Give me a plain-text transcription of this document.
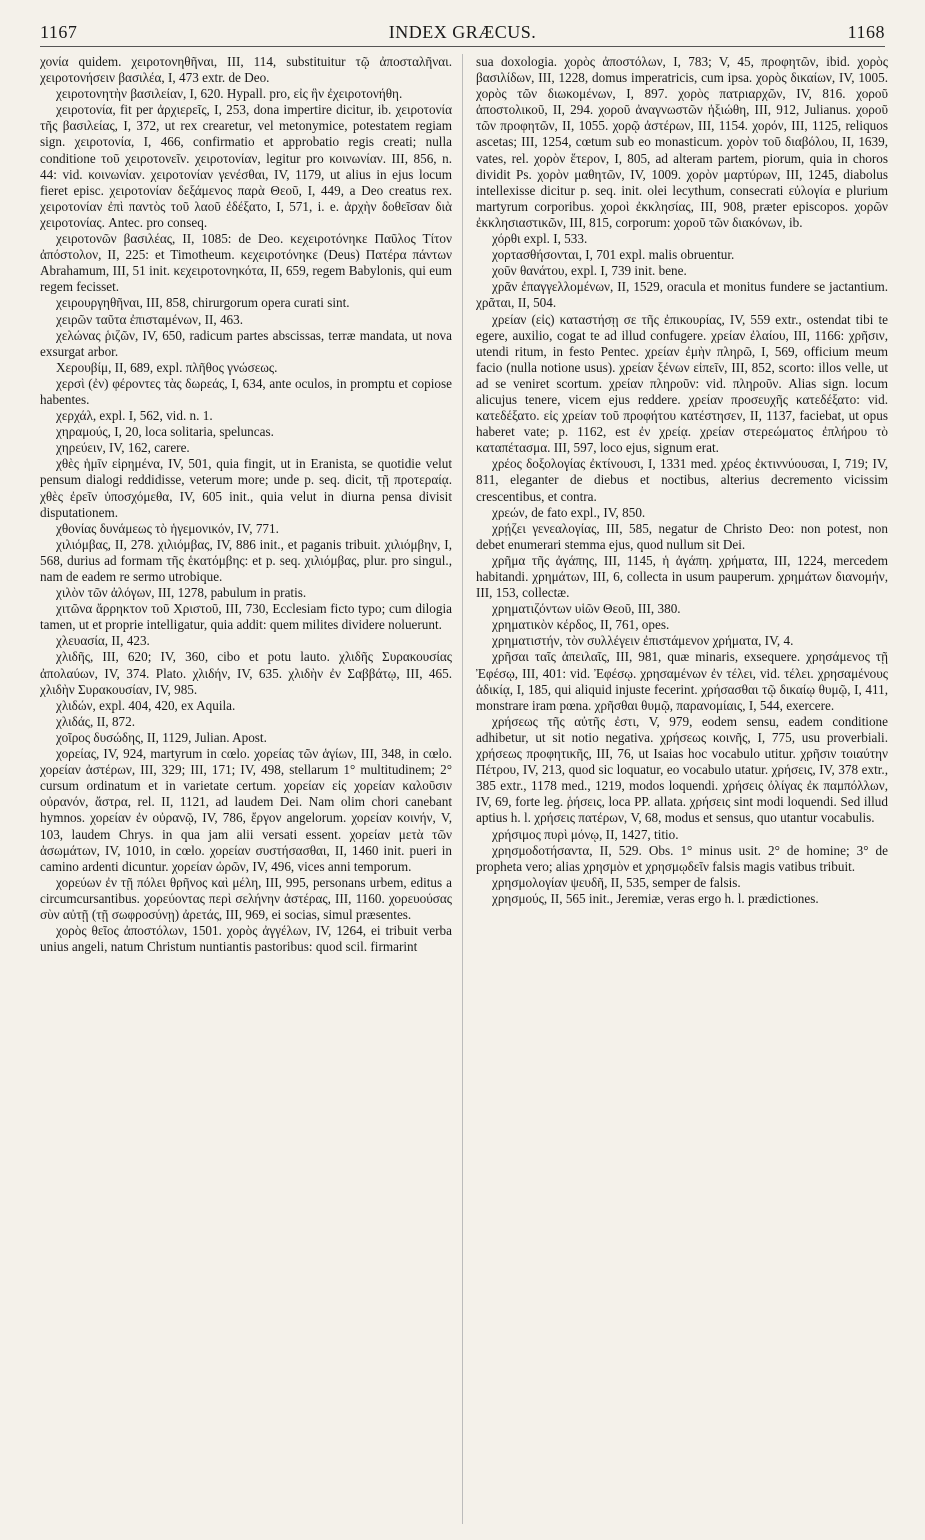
1167	INDEX GRÆCUS.	1168

χονία quidem. χειροτονηθῆναι, III, 114, substituitur τῷ ἀποσταλῆναι. χειροτονήσειν βασιλέα, I, 473 extr. de Deo.

χειροτονητὴν βασιλείαν, I, 620. Hypall. pro, εἰς ἣν ἐχειροτονήθη.

χειροτονία, fit per ἀρχιερεῖς, I, 253, dona impertire dicitur, ib. χειροτονία τῆς βασιλείας, I, 372, ut rex crearetur, vel metonymice, potestatem regiam sign. χειροτονία, I, 466, confirmatio et approbatio regis creati; nulla conditione τοῦ χειροτονεῖν. χειροτονίαν, legitur pro κοινωνίαν. III, 856, n. 44: vid. κοινωνίαν. χειροτονίαν γενέσθαι, IV, 1179, ut alius in ejus locum fieret episc. χειροτονίαν δεξάμενος παρὰ Θεοῦ, I, 449, a Deo creatus rex. χειροτονίαν ἐπὶ παντὸς τοῦ λαοῦ ἐδέξατο, I, 571, i. e. ἀρχὴν δοθεῖσαν διὰ χειροτονίας. Antec. pro conseq.

χειροτονῶν βασιλέας, II, 1085: de Deo. κεχειροτόνηκε Παῦλος Τίτον ἀπόστολον, II, 225: et Timotheum. κεχειροτόνηκε (Deus) Πατέρα πάντων Abrahamum, III, 51 init. κεχειροτονηκότα, II, 659, regem Babylonis, qui eum regem fecisset.

χειρουργηθῆναι, III, 858, chirurgorum opera curati sint.

χειρῶν ταῦτα ἐπισταμένων, II, 463.

χελώνας ῥιζῶν, IV, 650, radicum partes abscissas, terræ mandata, ut nova exsurgat arbor.

Χερουβίμ, II, 689, expl. πλῆθος γνώσεως.

χερσὶ (ἐν) φέροντες τὰς δωρεάς, I, 634, ante oculos, in promptu et copiose habentes.

χερχάλ, expl. I, 562, vid. n. 1.

χηραμούς, I, 20, loca solitaria, speluncas.

χηρεύειν, IV, 162, carere.

χθὲς ἡμῖν εἰρημένα, IV, 501, quia fingit, ut in Eranista, se quotidie velut pensum dialogi reddidisse, veterum more; unde p. seq. dicit, τῇ προτεραίᾳ. χθὲς ἐρεῖν ὑποσχόμεθα, IV, 605 init., quia velut in diurna pensa divisit disputationem.

χθονίας δυνάμεως τὸ ἡγεμονικόν, IV, 771.

χιλιόμβας, II, 278. χιλιόμβας, IV, 886 init., et paganis tribuit. χιλιόμβην, I, 568, durius ad formam τῆς ἑκατόμβης: et p. seq. χιλιόμβας, plur. pro singul., nam de eadem re sermo utrobique.

χιλὸν τῶν ἀλόγων, III, 1278, pabulum in pratis.

χιτῶνα ἄρρηκτον τοῦ Χριστοῦ, III, 730, Ecclesiam ficto typo; cum dilogia tamen, ut et proprie intelligatur, quia addit: quem milites dividere noluerunt.

χλευασία, II, 423.

χλιδῆς, III, 620; IV, 360, cibo et potu lauto. χλιδῆς Συρακουσίας ἀπολαύων, IV, 374. Plato. χλιδήν, IV, 635. χλιδὴν ἐν Σαββάτῳ, III, 465. χλιδὴν Συρακουσίαν, IV, 985.

χλιδών, expl. 404, 420, ex Aquila.

χλιδάς, II, 872.

χοῖρος δυσώδης, II, 1129, Julian. Apost.

χορείας, IV, 924, martyrum in cœlo. χορείας τῶν ἁγίων, III, 348, in cœlo. χορείαν ἀστέρων, III, 329; III, 171; IV, 498, stellarum 1° multitudinem; 2° cursum ordinatum et in varietate certum. χορείαν εἰς χορείαν καλοῦσιν οὐρανόν, ἄστρα, rel. II, 1121, ad laudem Dei. Nam olim chori canebant hymnos. χορείαν ἐν οὐρανῷ, IV, 786, ἔργον angelorum. χορείαν κοινήν, V, 103, laudem Chrys. in qua jam alii versati essent. χορείαν μετὰ τῶν ἀσωμάτων, IV, 1010, in cœlo. χορείαν συστήσασθαι, II, 1460 init. pueri in camino ardenti dicuntur. χορείαν ὡρῶν, IV, 496, vices anni temporum.

χορεύων ἐν τῇ πόλει θρῆνος καὶ μέλη, III, 995, personans urbem, editus a circumcursantibus. χορεύοντας περὶ σελήνην ἀστέρας, III, 1160. χορευούσας σὺν αὐτῇ (τῇ σωφροσύνῃ) ἀρετάς, III, 969, ei socias, simul præsentes.

χορὸς θεῖος ἀποστόλων, 1501. χορὸς ἀγγέλων, IV, 1264, ei tribuit verba unius angeli, natum Christum nuntiantis pastoribus: quod scil. firmarint

sua doxologia. χορὸς ἀποστόλων, I, 783; V, 45, προφητῶν, ibid. χορὸς βασιλίδων, III, 1228, domus imperatricis, cum ipsa. χορὸς δικαίων, IV, 1005. χορὸς τῶν διωκομένων, I, 897. χορὸς πατριαρχῶν, IV, 816. χοροῦ ἀποστολικοῦ, II, 294. χοροῦ ἀναγνωστῶν ἠξιώθη, III, 912, Julianus. χοροῦ τῶν προφητῶν, II, 1055. χορῷ ἀστέρων, III, 1154. χορόν, III, 1125, reliquos ascetas; III, 1254, cœtum sub eo monasticum. χορὸν τοῦ διαβόλου, II, 1639, vates, rel. χορὸν ἕτερον, I, 805, ad alteram partem, piorum, quia in choros dividit Ps. χορὸν μαθητῶν, IV, 1009. χορὸν μαρτύρων, III, 1245, diabolus intellexisse dicitur p. seq. init. olei lecythum, consecrati εὐλογία e plurium martyrum corporibus. χοροὶ ἐκκλησίας, III, 908, præter episcopos. χορῶν ἐκκλησιαστικῶν, III, 815, corporum: χοροῦ τῶν διακόνων, ib.

χόρθι expl. I, 533.

χορτασθήσονται, I, 701 expl. malis obruentur.

χοῦν θανάτου, expl. I, 739 init. bene.

χρᾶν ἐπαγγελλομένων, II, 1529, oracula et monitus fundere se jactantium. χρᾶται, II, 504.

χρείαν (εἰς) καταστήσῃ σε τῆς ἐπικουρίας, IV, 559 extr., ostendat tibi te egere, auxilio, cogat te ad illud confugere. χρείαν ἐλαίου, III, 1166: χρῆσιν, utendi ritum, in festo Pentec. χρείαν ἐμὴν πληρῶ, I, 569, officium meum facio (nulla notione usus). χρείαν ξένων εἰπεῖν, III, 852, scorto: illos velle, ut ad se veniret scortum. χρείαν πληροῦν: vid. πληροῦν. Alias sign. locum alicujus tenere, vicem ejus reddere. χρείαν προσευχῆς κατεδέξατο: vid. κατεδέξατο. εἰς χρείαν τοῦ προφήτου κατέστησεν, II, 1137, faciebat, ut opus haberet vate; p. 1162, est ἐν χρείᾳ. χρείαν στερεώματος ἐπλήρου τὸ καταπέτασμα. III, 597, loco ejus, signum erat.

χρέος δοξολογίας ἐκτίνουσι, I, 1331 med. χρέος ἐκτιννύουσαι, I, 719; IV, 811, eleganter de diebus et noctibus, alterius decremento vicissim crescentibus, et contra.

χρεών, de fato expl., IV, 850.

χρῄζει γενεαλογίας, III, 585, negatur de Christo Deo: non potest, non debet enumerari stemma ejus, quod nullum sit Dei.

χρῆμα τῆς ἀγάπης, III, 1145, ἡ ἀγάπη. χρήματα, III, 1224, mercedem habitandi. χρημάτων, III, 6, collecta in usum pauperum. χρημάτων διανομήν, III, 153, collectæ.

χρηματιζόντων υἱῶν Θεοῦ, III, 380.

χρηματικὸν κέρδος, II, 761, opes.

χρηματιστήν, τὸν συλλέγειν ἐπιστάμενον χρήματα, IV, 4.

χρῆσαι ταῖς ἀπειλαῖς, III, 981, quæ minaris, exsequere. χρησάμενος τῇ Ἐφέσῳ, III, 401: vid. Ἐφέσῳ. χρησαμένων ἐν τέλει, vid. τέλει. χρησαμένους ἀδικίᾳ, I, 185, qui aliquid injuste fecerint. χρήσασθαι τῷ δικαίῳ θυμῷ, I, 411, monstrare iram pœna. χρῆσθαι θυμῷ, παρανομίαις, I, 544, exercere.

χρήσεως τῆς αὐτῆς ἐστι, V, 979, eodem sensu, eadem conditione adhibetur, ut sit notio negativa. χρήσεως κοινῆς, I, 775, usu proverbiali. χρήσεως προφητικῆς, III, 76, ut Isaias hoc vocabulo utitur. χρῆσιν τοιαύτην Πέτρου, IV, 213, quod sic loquatur, eo vocabulo utatur. χρήσεις, IV, 378 extr., 385 extr., 1178 med., 1219, modos loquendi. χρήσεις ὀλίγας ἐκ παμπόλλων, IV, 69, forte leg. ῥήσεις, loca PP. allata. χρήσεις sint modi loquendi. Sed illud aptius h. l. χρήσεις πατέρων, V, 68, modus et sensus, quo utantur vocabulis.

χρήσιμος πυρὶ μόνῳ, II, 1427, titio.

χρησμοδοτήσαντα, II, 529. Obs. 1° minus usit. 2° de homine; 3° de propheta vero; alias χρησμὸν et χρησμῳδεῖν falsis magis vatibus tribuit.

χρησμολογίαν ψευδῆ, II, 535, semper de falsis.

χρησμούς, II, 565 init., Jeremiæ, veras ergo h. l. prædictiones.
